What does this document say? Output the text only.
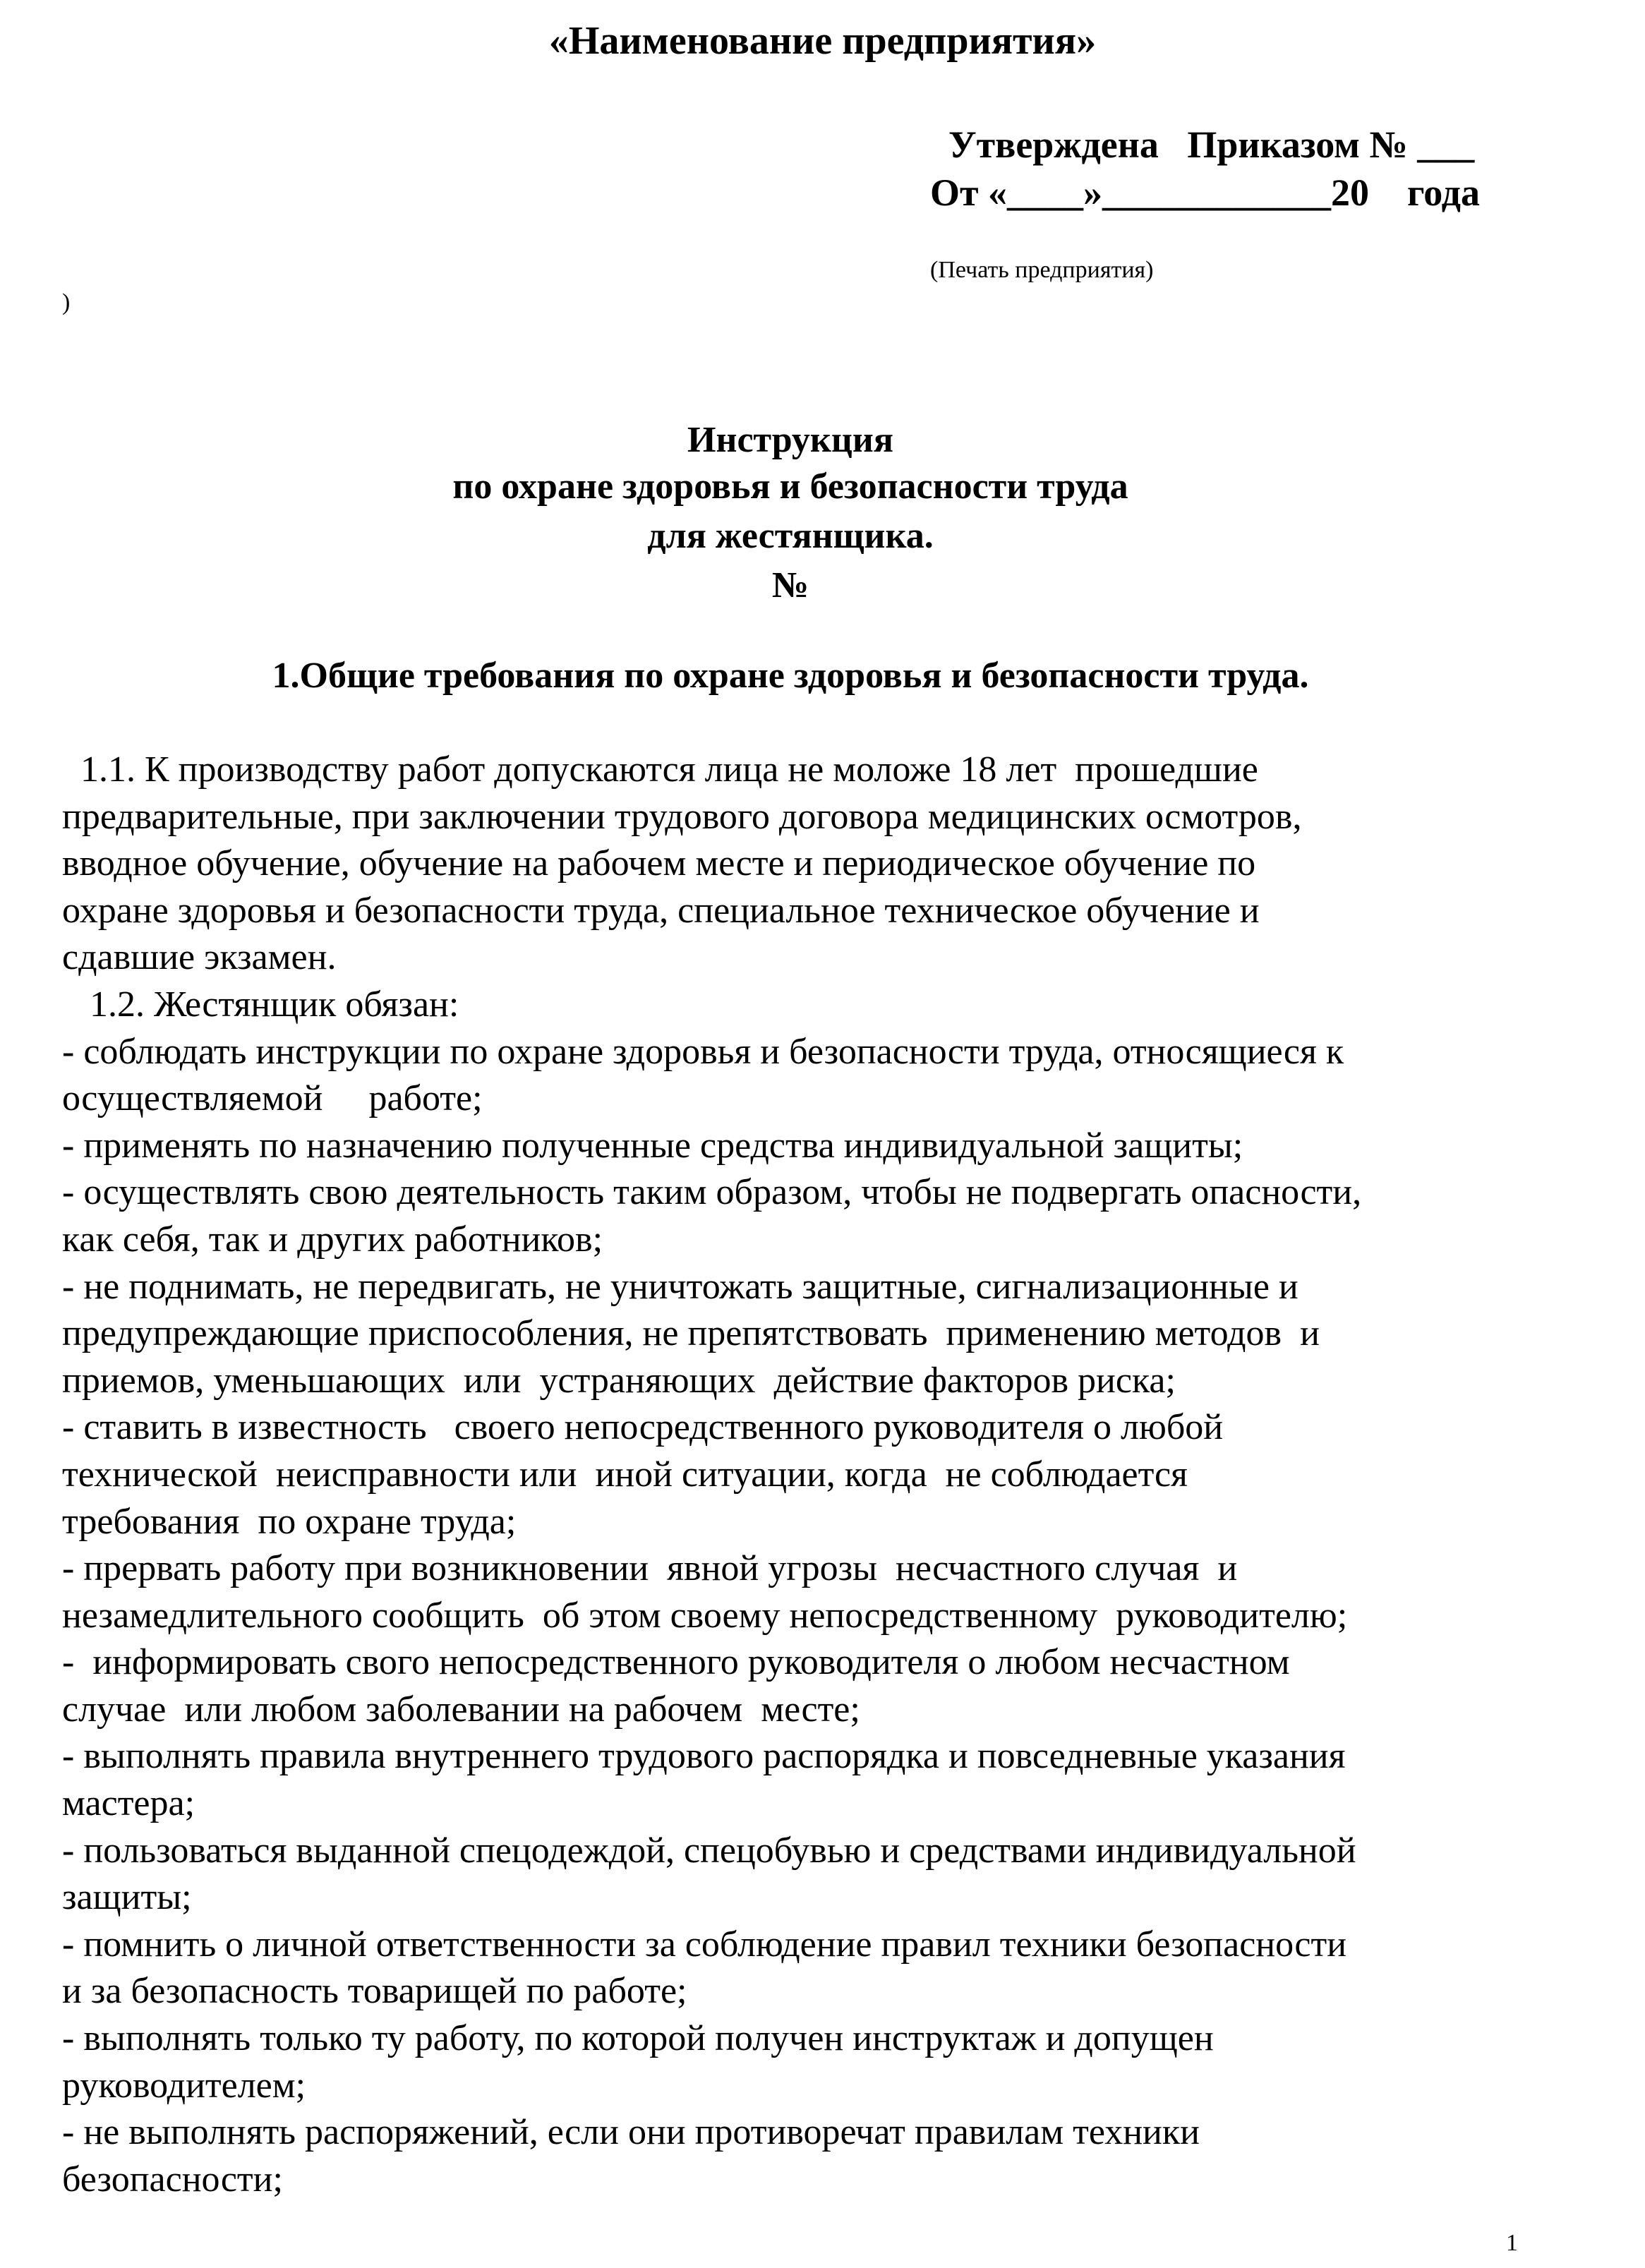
«Наименование предприятия»
Утверждена   Приказом № ___
От «____»____________20    года
(Печать предприятия)
)
Инструкция
по охране здоровья и безопасности труда
для жестянщика.
№
1.Общие требования по охране здоровья и безопасности труда.
1.1. К производству работ допускаются лица не моложе 18 лет  прошедшие
предварительные, при заключении трудового договора медицинских осмотров,
вводное обучение, обучение на рабочем месте и периодическое обучение по
охране здоровья и безопасности труда, специальное техническое обучение и
сдавшие экзамен.
1.2. Жестянщик обязан:
- соблюдать инструкции по охране здоровья и безопасности труда, относящиеся к
осуществляемой     работе;
- применять по назначению полученные средства индивидуальной защиты;
- осуществлять свою деятельность таким образом, чтобы не подвергать опасности,
как себя, так и других работников;
- не поднимать, не передвигать, не уничтожать защитные, сигнализационные и
предупреждающие приспособления, не препятствовать  применению методов  и
приемов, уменьшающих  или  устраняющих  действие факторов риска;
- ставить в известность   своего непосредственного руководителя о любой
технической  неисправности или  иной ситуации, когда  не соблюдается
требования  по охране труда;
- прервать работу при возникновении  явной угрозы  несчастного случая  и
незамедлительного сообщить  об этом своему непосредственному  руководителю;
-  информировать свого непосредственного руководителя о любом несчастном
случае  или любом заболевании на рабочем  месте;
- выполнять правила внутреннего трудового распорядка и повседневные указания
мастера;
- пользоваться выданной спецодеждой, спецобувью и средствами индивидуальной
защиты;
- помнить о личной ответственности за соблюдение правил техники безопасности
и за безопасность товарищей по работе;
- выполнять только ту работу, по которой получен инструктаж и допущен
руководителем;
- не выполнять распоряжений, если они противоречат правилам техники
безопасности;
1
